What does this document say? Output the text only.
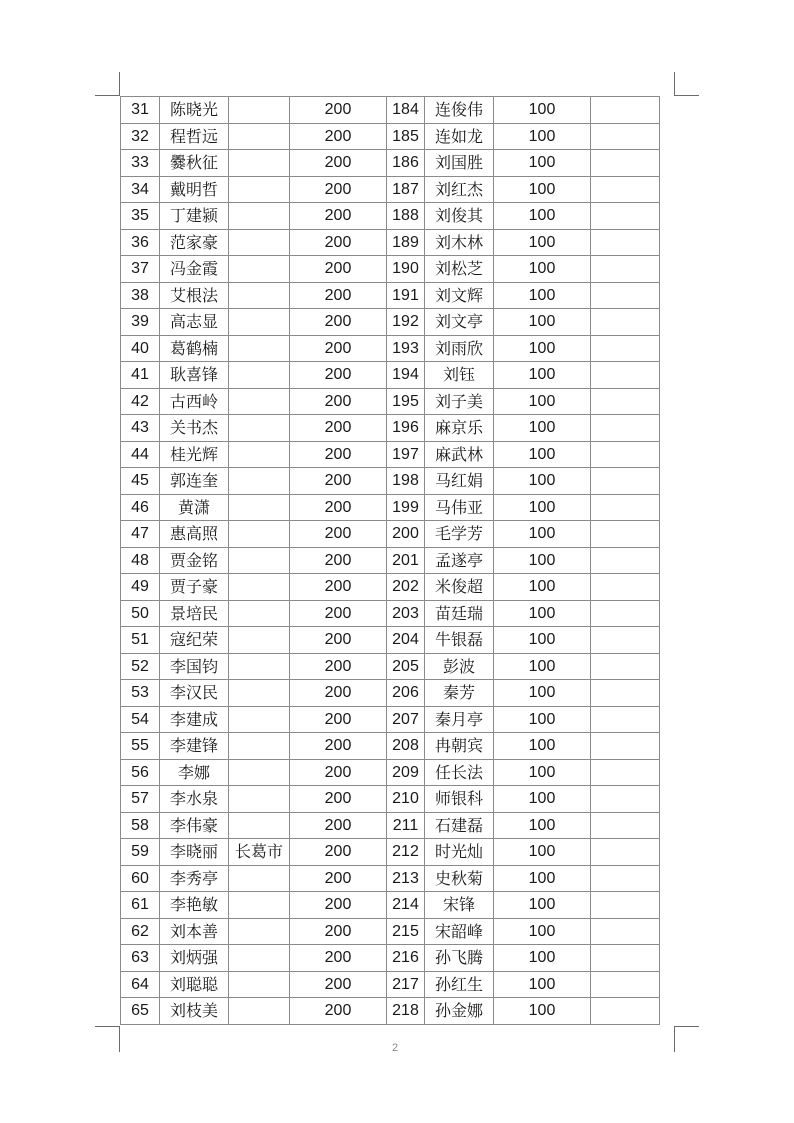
31	陈晓光		200	184	连俊伟	100	
32	程哲远		200	185	连如龙	100	
33	爨秋征		200	186	刘国胜	100	
34	戴明哲		200	187	刘红杰	100	
35	丁建颍		200	188	刘俊其	100	
36	范家豪		200	189	刘木林	100	
37	冯金霞		200	190	刘松芝	100	
38	艾根法		200	191	刘文辉	100	
39	高志显		200	192	刘文亭	100	
40	葛鹤楠		200	193	刘雨欣	100	
41	耿喜锋		200	194	刘钰	100	
42	古西岭		200	195	刘子美	100	
43	关书杰		200	196	麻京乐	100	
44	桂光辉		200	197	麻武林	100	
45	郭连奎		200	198	马红娟	100	
46	黄潇		200	199	马伟亚	100	
47	惠高照		200	200	毛学芳	100	
48	贾金铭		200	201	孟遂亭	100	
49	贾子豪		200	202	米俊超	100	
50	景培民		200	203	苗廷瑞	100	
51	寇纪荣		200	204	牛银磊	100	
52	李国钧		200	205	彭波	100	
53	李汉民		200	206	秦芳	100	
54	李建成		200	207	秦月亭	100	
55	李建锋		200	208	冉朝宾	100	
56	李娜		200	209	任长法	100	
57	李水泉		200	210	师银科	100	
58	李伟豪		200	211	石建磊	100	
59	李晓丽	长葛市	200	212	时光灿	100	
60	李秀亭		200	213	史秋菊	100	
61	李艳敏		200	214	宋锋	100	
62	刘本善		200	215	宋韶峰	100	
63	刘炳强		200	216	孙飞腾	100	
64	刘聪聪		200	217	孙红生	100	
65	刘枝美		200	218	孙金娜	100	
2
